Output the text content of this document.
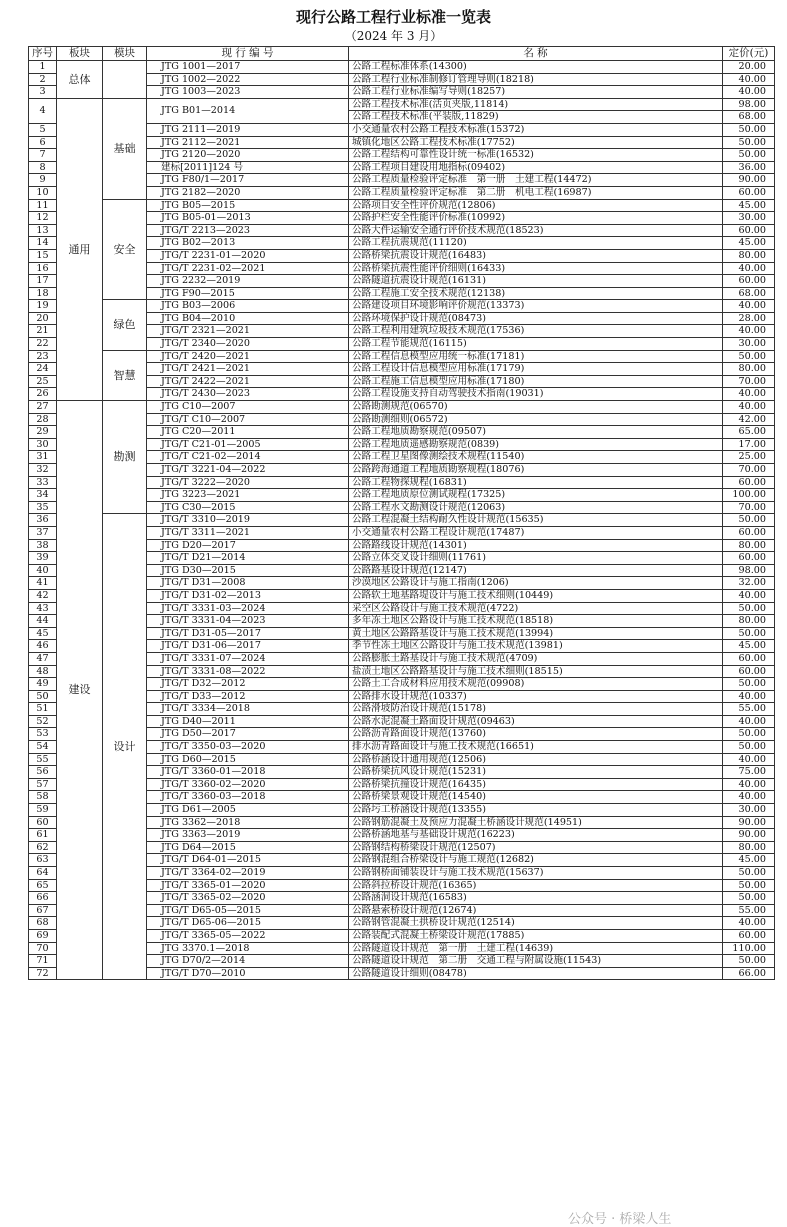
现行公路工程行业标准一览表
（2024 年 3 月）
序号	板块	模块	现 行 编 号	名 称	定价(元)
1	总体		JTG 1001—2017	公路工程标准体系(14300)	20.00
2			JTG 1002—2022	公路工程行业标准制修订管理导则(18218)	40.00
3			JTG 1003—2023	公路工程行业标准编写导则(18257)	40.00
4	通用	基础	JTG B01—2014	公路工程技术标准(活页夹版,11814)	98.00
				公路工程技术标准(平装版,11829)	68.00
5			JTG 2111—2019	小交通量农村公路工程技术标准(15372)	50.00
6			JTG 2112—2021	城镇化地区公路工程技术标准(17752)	50.00
7			JTG 2120—2020	公路工程结构可靠性设计统一标准(16532)	50.00
8			建标[2011]124 号	公路工程项目建设用地指标(09402)	36.00
9			JTG F80/1—2017	公路工程质量检验评定标准　第一册　土建工程(14472)	90.00
10			JTG 2182—2020	公路工程质量检验评定标准　第二册　机电工程(16987)	60.00
11		安全	JTG B05—2015	公路项目安全性评价规范(12806)	45.00
12			JTG B05-01—2013	公路护栏安全性能评价标准(10992)	30.00
13			JTG/T 2213—2023	公路大件运输安全通行评价技术规范(18523)	60.00
14			JTG B02—2013	公路工程抗震规范(11120)	45.00
15			JTG/T 2231-01—2020	公路桥梁抗震设计规范(16483)	80.00
16			JTG/T 2231-02—2021	公路桥梁抗震性能评价细则(16433)	40.00
17			JTG 2232—2019	公路隧道抗震设计规范(16131)	60.00
18			JTG F90—2015	公路工程施工安全技术规范(12138)	68.00
19		绿色	JTG B03—2006	公路建设项目环境影响评价规范(13373)	40.00
20			JTG B04—2010	公路环境保护设计规范(08473)	28.00
21			JTG/T 2321—2021	公路工程利用建筑垃圾技术规范(17536)	40.00
22			JTG/T 2340—2020	公路工程节能规范(16115)	30.00
23		智慧	JTG/T 2420—2021	公路工程信息模型应用统一标准(17181)	50.00
24			JTG/T 2421—2021	公路工程设计信息模型应用标准(17179)	80.00
25			JTG/T 2422—2021	公路工程施工信息模型应用标准(17180)	70.00
26			JTG/T 2430—2023	公路工程设施支持自动驾驶技术指南(19031)	40.00
27	建设	勘测	JTG C10—2007	公路勘测规范(06570)	40.00
28			JTG/T C10—2007	公路勘测细则(06572)	42.00
29			JTG C20—2011	公路工程地质勘察规范(09507)	65.00
30			JTG/T C21-01—2005	公路工程地质遥感勘察规范(0839)	17.00
31			JTG/T C21-02—2014	公路工程卫星图像测绘技术规程(11540)	25.00
32			JTG/T 3221-04—2022	公路跨海通道工程地质勘察规程(18076)	70.00
33			JTG/T 3222—2020	公路工程物探规程(16831)	60.00
34			JTG 3223—2021	公路工程地质原位测试规程(17325)	100.00
35			JTG C30—2015	公路工程水文勘测设计规范(12063)	70.00
36		设计	JTG/T 3310—2019	公路工程混凝土结构耐久性设计规范(15635)	50.00
37			JTG/T 3311—2021	小交通量农村公路工程设计规范(17487)	60.00
38			JTG D20—2017	公路路线设计规范(14301)	80.00
39			JTG/T D21—2014	公路立体交叉设计细则(11761)	60.00
40			JTG D30—2015	公路路基设计规范(12147)	98.00
41			JTG/T D31—2008	沙漠地区公路设计与施工指南(1206)	32.00
42			JTG/T D31-02—2013	公路软土地基路堤设计与施工技术细则(10449)	40.00
43			JTG/T 3331-03—2024	采空区公路设计与施工技术规范(4722)	50.00
44			JTG/T 3331-04—2023	多年冻土地区公路设计与施工技术规范(18518)	80.00
45			JTG/T D31-05—2017	黄土地区公路路基设计与施工技术规范(13994)	50.00
46			JTG/T D31-06—2017	季节性冻土地区公路设计与施工技术规范(13981)	45.00
47			JTG/T 3331-07—2024	公路膨胀土路基设计与施工技术规范(4709)	60.00
48			JTG/T 3331-08—2022	盐渍土地区公路路基设计与施工技术细则(18515)	60.00
49			JTG/T D32—2012	公路土工合成材料应用技术规范(09908)	50.00
50			JTG/T D33—2012	公路排水设计规范(10337)	40.00
51			JTG/T 3334—2018	公路滑坡防治设计规范(15178)	55.00
52			JTG D40—2011	公路水泥混凝土路面设计规范(09463)	40.00
53			JTG D50—2017	公路沥青路面设计规范(13760)	50.00
54			JTG/T 3350-03—2020	排水沥青路面设计与施工技术规范(16651)	50.00
55			JTG D60—2015	公路桥涵设计通用规范(12506)	40.00
56			JTG/T 3360-01—2018	公路桥梁抗风设计规范(15231)	75.00
57			JTG/T 3360-02—2020	公路桥梁抗撞设计规范(16435)	40.00
58			JTG/T 3360-03—2018	公路桥梁景观设计规范(14540)	40.00
59			JTG D61—2005	公路圬工桥涵设计规范(13355)	30.00
60			JTG 3362—2018	公路钢筋混凝土及预应力混凝土桥涵设计规范(14951)	90.00
61			JTG 3363—2019	公路桥涵地基与基础设计规范(16223)	90.00
62			JTG D64—2015	公路钢结构桥梁设计规范(12507)	80.00
63			JTG/T D64-01—2015	公路钢混组合桥梁设计与施工规范(12682)	45.00
64			JTG/T 3364-02—2019	公路钢桥面铺装设计与施工技术规范(15637)	50.00
65			JTG/T 3365-01—2020	公路斜拉桥设计规范(16365)	50.00
66			JTG/T 3365-02—2020	公路涵洞设计规范(16583)	50.00
67			JTG/T D65-05—2015	公路悬索桥设计规范(12674)	55.00
68			JTG/T D65-06—2015	公路钢管混凝土拱桥设计规范(12514)	40.00
69			JTG/T 3365-05—2022	公路装配式混凝土桥梁设计规范(17885)	60.00
70			JTG 3370.1—2018	公路隧道设计规范　第一册　土建工程(14639)	110.00
71			JTG D70/2—2014	公路隧道设计规范　第二册　交通工程与附属设施(11543)	50.00
72			JTG/T D70—2010	公路隧道设计细则(08478)	66.00
公众号 · 桥梁人生
